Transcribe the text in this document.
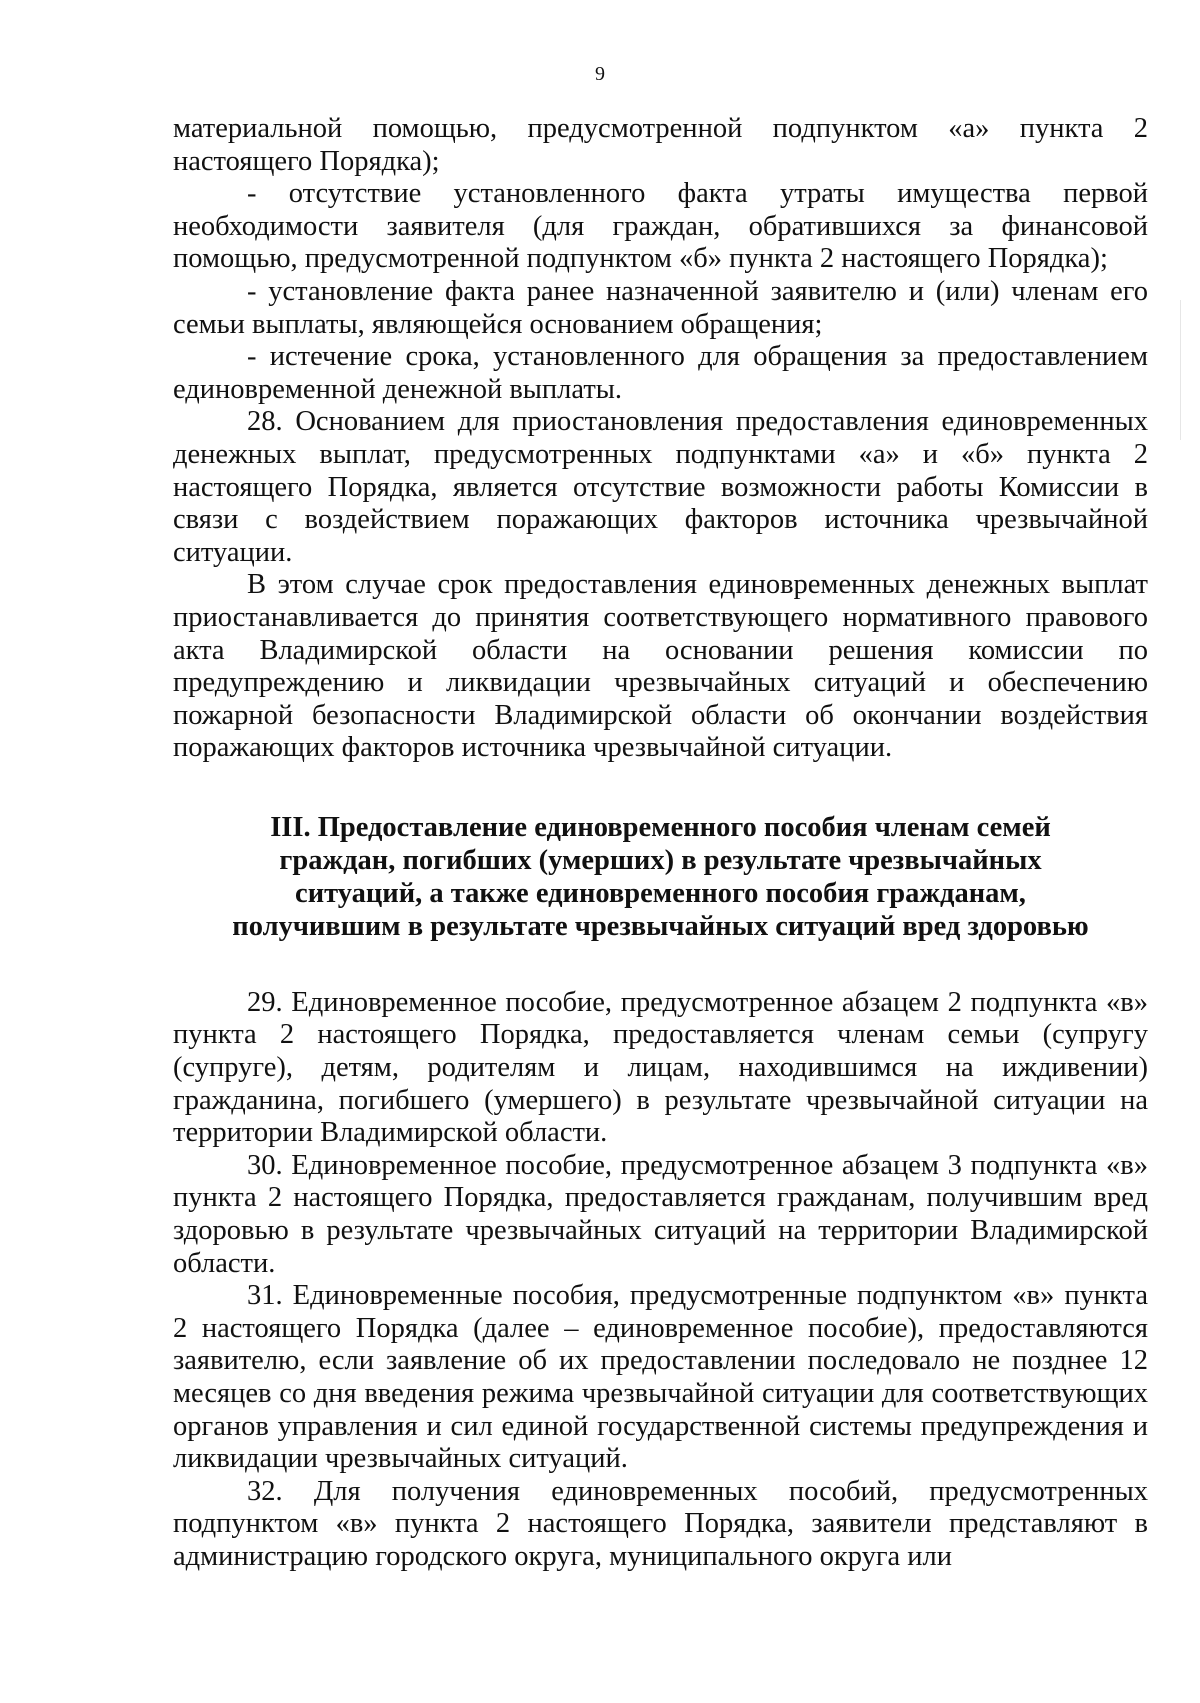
9

материальной помощью, предусмотренной подпунктом «а» пункта 2 настоящего Порядка);

- отсутствие установленного факта утраты имущества первой необходимости заявителя (для граждан, обратившихся за финансовой помощью, предусмотренной подпунктом «б» пункта 2 настоящего Порядка);

- установление факта ранее назначенной заявителю и (или) членам его семьи выплаты, являющейся основанием обращения;

- истечение срока, установленного для обращения за предоставлением единовременной денежной выплаты.

28. Основанием для приостановления предоставления единовременных денежных выплат, предусмотренных подпунктами «а» и «б» пункта 2 настоящего Порядка, является отсутствие возможности работы Комиссии в связи с воздействием поражающих факторов источника чрезвычайной ситуации.

В этом случае срок предоставления единовременных денежных выплат приостанавливается до принятия соответствующего нормативного правового акта Владимирской области на основании решения комиссии по предупреждению и ликвидации чрезвычайных ситуаций и обеспечению пожарной безопасности Владимирской области об окончании воздействия поражающих факторов источника чрезвычайной ситуации.

III. Предоставление единовременного пособия членам семей
граждан, погибших (умерших) в результате чрезвычайных
ситуаций, а также единовременного пособия гражданам,
получившим в результате чрезвычайных ситуаций вред здоровью

29. Единовременное пособие, предусмотренное абзацем 2 подпункта «в» пункта 2 настоящего Порядка, предоставляется членам семьи (супругу (супруге), детям, родителям и лицам, находившимся на иждивении) гражданина, погибшего (умершего) в результате чрезвычайной ситуации на территории Владимирской области.

30. Единовременное пособие, предусмотренное абзацем 3 подпункта «в» пункта 2 настоящего Порядка, предоставляется гражданам, получившим вред здоровью в результате чрезвычайных ситуаций на территории Владимирской области.

31. Единовременные пособия, предусмотренные подпунктом «в» пункта 2 настоящего Порядка (далее – единовременное пособие), предоставляются заявителю, если заявление об их предоставлении последовало не позднее 12 месяцев со дня введения режима чрезвычайной ситуации для соответствующих органов управления и сил единой государственной системы предупреждения и ликвидации чрезвычайных ситуаций.

32. Для получения единовременных пособий, предусмотренных подпунктом «в» пункта 2 настоящего Порядка, заявители представляют в администрацию городского округа, муниципального округа или
